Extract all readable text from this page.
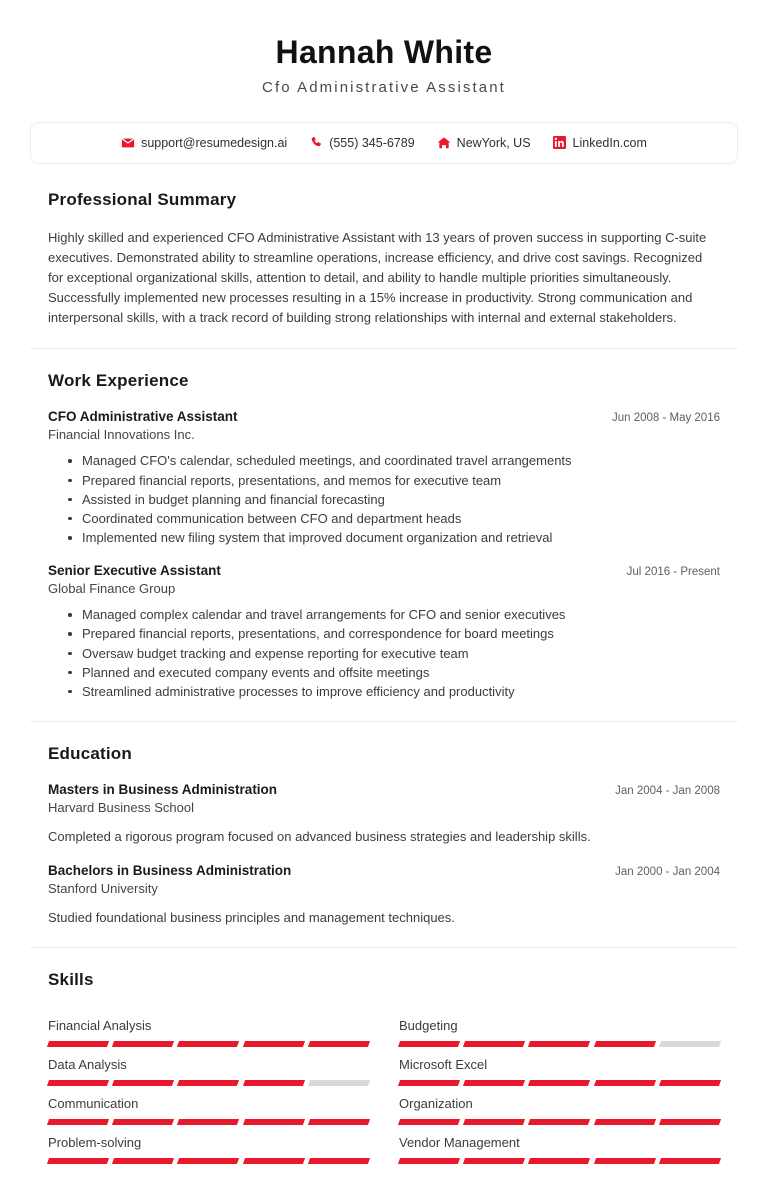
Hannah White
Cfo Administrative Assistant
support@resumedesign.ai	(555) 345-6789	NewYork, US	LinkedIn.com
Professional Summary
Highly skilled and experienced CFO Administrative Assistant with 13 years of proven success in supporting C-suite executives. Demonstrated ability to streamline operations, increase efficiency, and drive cost savings. Recognized for exceptional organizational skills, attention to detail, and ability to handle multiple priorities simultaneously. Successfully implemented new processes resulting in a 15% increase in productivity. Strong communication and interpersonal skills, with a track record of building strong relationships with internal and external stakeholders.
Work Experience
CFO Administrative Assistant	Jun 2008 - May 2016
Financial Innovations Inc.
Managed CFO's calendar, scheduled meetings, and coordinated travel arrangements
Prepared financial reports, presentations, and memos for executive team
Assisted in budget planning and financial forecasting
Coordinated communication between CFO and department heads
Implemented new filing system that improved document organization and retrieval
Senior Executive Assistant	Jul 2016 - Present
Global Finance Group
Managed complex calendar and travel arrangements for CFO and senior executives
Prepared financial reports, presentations, and correspondence for board meetings
Oversaw budget tracking and expense reporting for executive team
Planned and executed company events and offsite meetings
Streamlined administrative processes to improve efficiency and productivity
Education
Masters in Business Administration	Jan 2004 - Jan 2008
Harvard Business School
Completed a rigorous program focused on advanced business strategies and leadership skills.
Bachelors in Business Administration	Jan 2000 - Jan 2004
Stanford University
Studied foundational business principles and management techniques.
Skills
Financial Analysis	Budgeting
Data Analysis	Microsoft Excel
Communication	Organization
Problem-solving	Vendor Management
